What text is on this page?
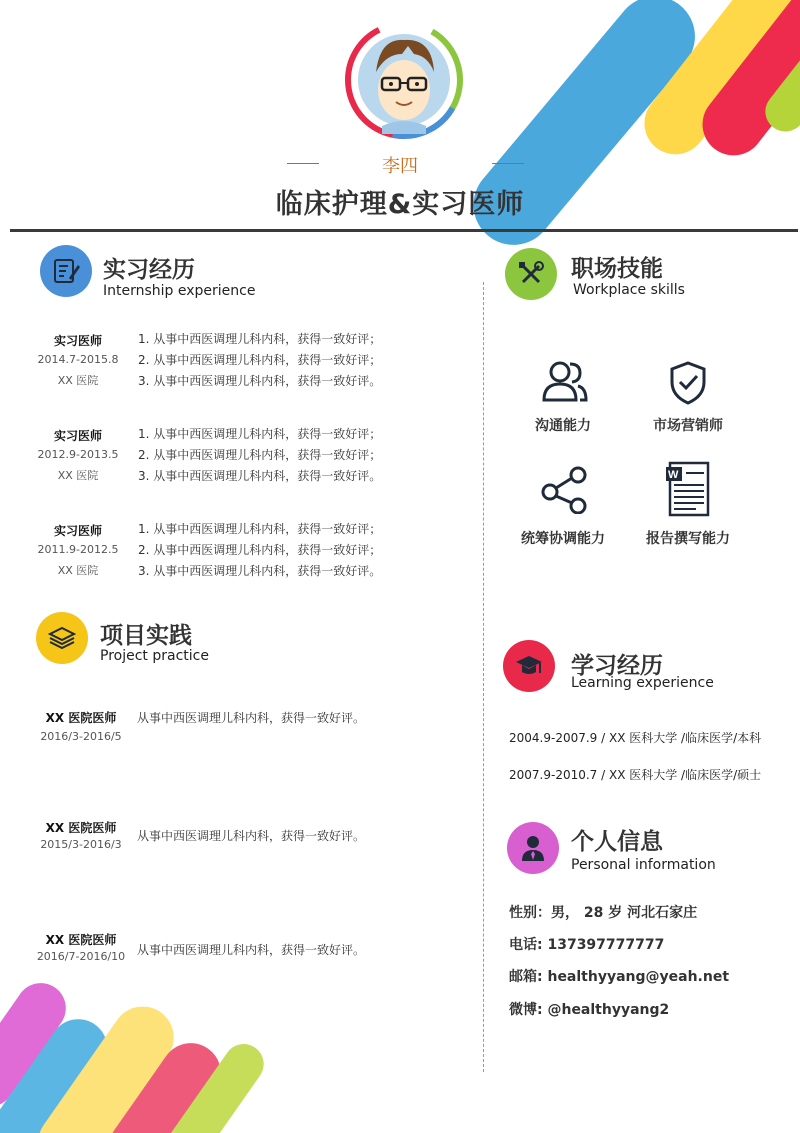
李四
临床护理&实习医师
实习经历
Internship experience
实习医师
2014.7-2015.8
XX 医院
1. 从事中西医调理儿科内科，获得一致好评；
2. 从事中西医调理儿科内科，获得一致好评；
3. 从事中西医调理儿科内科，获得一致好评。
实习医师
2012.9-2013.5
XX 医院
1. 从事中西医调理儿科内科，获得一致好评；
2. 从事中西医调理儿科内科，获得一致好评；
3. 从事中西医调理儿科内科，获得一致好评。
实习医师
2011.9-2012.5
XX 医院
1. 从事中西医调理儿科内科，获得一致好评；
2. 从事中西医调理儿科内科，获得一致好评；
3. 从事中西医调理儿科内科，获得一致好评。
项目实践
Project practice
XX 医院医师
2016/3-2016/5
从事中西医调理儿科内科，获得一致好评。
XX 医院医师
2015/3-2016/3
从事中西医调理儿科内科，获得一致好评。
XX 医院医师
2016/7-2016/10 从事中西医调理儿科内科，获得一致好评。
职场技能
Workplace skills
沟通能力	市场营销师
统筹协调能力
W
报告撰写能力
学习经历
Learning experience
2004.9-2007.9 / XX 医科大学 /临床医学/本科
2007.9-2010.7 / XX 医科大学 /临床医学/硕士
个人信息
Personal information
性别：男， 28 岁 河北石家庄
电话: 137397777777
邮箱: healthyyang@yeah.net
微博: @healthyyang2
